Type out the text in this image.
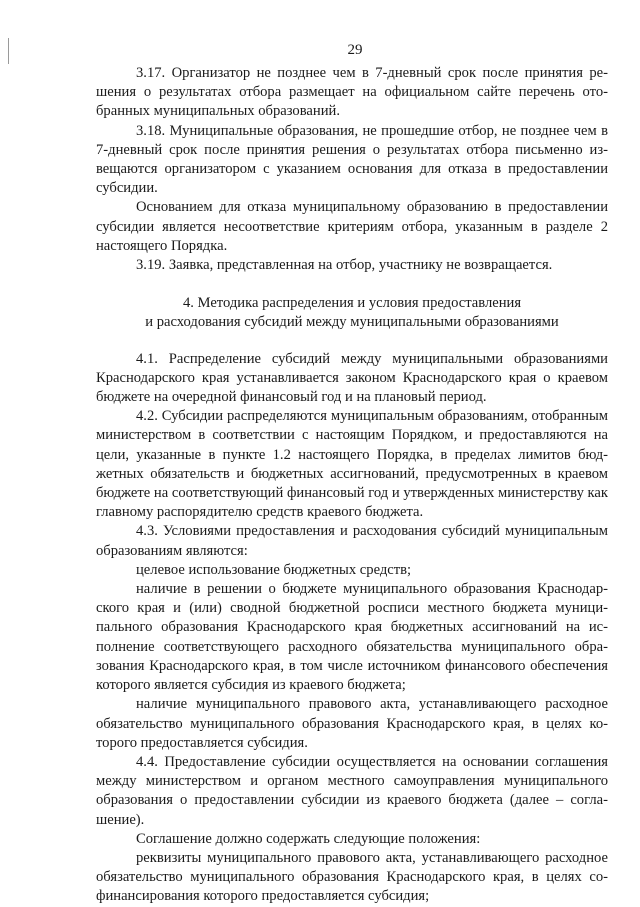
29

3.17. Организатор не позднее чем в 7-дневный срок после принятия решения о результатах отбора размещает на официальном сайте перечень отобранных муниципальных образований.

3.18. Муниципальные образования, не прошедшие отбор, не позднее чем в 7-дневный срок после принятия решения о результатах отбора письменно извещаются организатором с указанием основания для отказа в предоставлении субсидии.

Основанием для отказа муниципальному образованию в предоставлении субсидии является несоответствие критериям отбора, указанным в разделе 2 настоящего Порядка.

3.19. Заявка, представленная на отбор, участнику не возвращается.

4. Методика распределения и условия предоставления
и расходования субсидий между муниципальными образованиями

4.1. Распределение субсидий между муниципальными образованиями Краснодарского края устанавливается законом Краснодарского края о краевом бюджете на очередной финансовый год и на плановый период.

4.2. Субсидии распределяются муниципальным образованиям, отобранным министерством в соответствии с настоящим Порядком, и предоставляются на цели, указанные в пункте 1.2 настоящего Порядка, в пределах лимитов бюджетных обязательств и бюджетных ассигнований, предусмотренных в краевом бюджете на соответствующий финансовый год и утвержденных министерству как главному распорядителю средств краевого бюджета.

4.3. Условиями предоставления и расходования субсидий муниципальным образованиям являются:

целевое использование бюджетных средств;

наличие в решении о бюджете муниципального образования Краснодарского края и (или) сводной бюджетной росписи местного бюджета муниципального образования Краснодарского края бюджетных ассигнований на исполнение соответствующего расходного обязательства муниципального образования Краснодарского края, в том числе источником финансового обеспечения которого является субсидия из краевого бюджета;

наличие муниципального правового акта, устанавливающего расходное обязательство муниципального образования Краснодарского края, в целях которого предоставляется субсидия.

4.4. Предоставление субсидии осуществляется на основании соглашения между министерством и органом местного самоуправления муниципального образования о предоставлении субсидии из краевого бюджета (далее – соглашение).

Соглашение должно содержать следующие положения:

реквизиты муниципального правового акта, устанавливающего расходное обязательство муниципального образования Краснодарского края, в целях софинансирования которого предоставляется субсидия;
